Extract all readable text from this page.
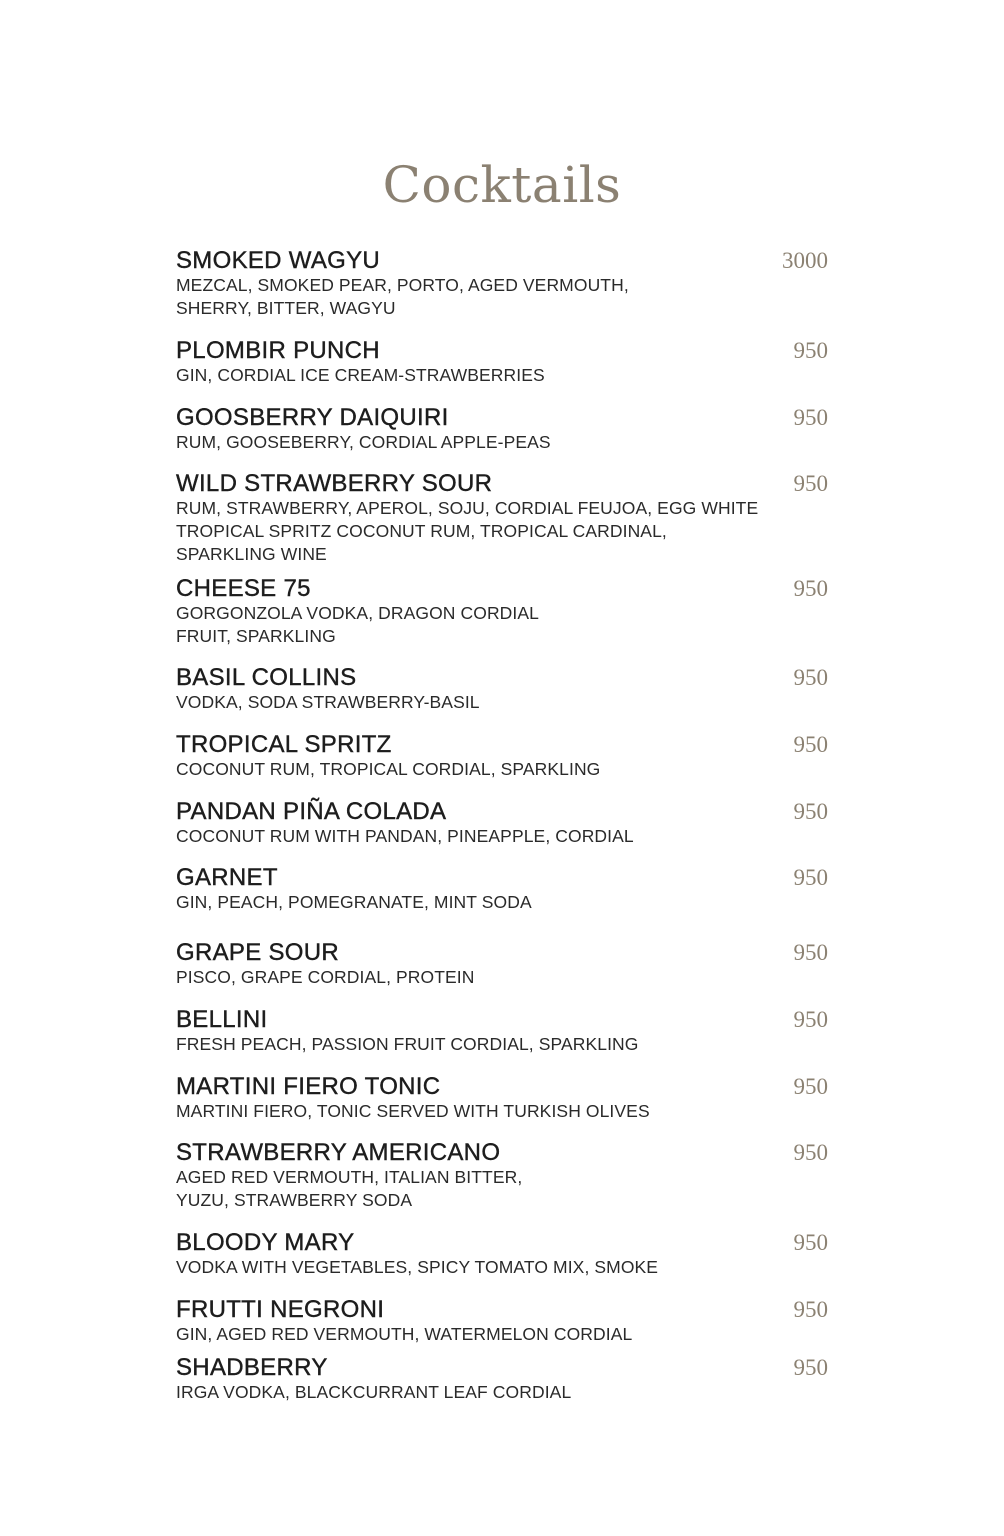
Cocktails
SMOKED WAGYU
MEZCAL, SMOKED PEAR, PORTO, AGED VERMOUTH,
SHERRY, BITTER, WAGYU
3000
PLOMBIR PUNCH
GIN, CORDIAL ICE CREAM-STRAWBERRIES
950
GOOSBERRY DAIQUIRI
RUM, GOOSEBERRY, CORDIAL APPLE-PEAS
950
WILD STRAWBERRY SOUR
RUM, STRAWBERRY, APEROL, SOJU, CORDIAL FEUJOA, EGG WHITE
TROPICAL SPRITZ COCONUT RUM, TROPICAL CARDINAL,
SPARKLING WINE
950
CHEESE 75
GORGONZOLA VODKA, DRAGON CORDIAL
FRUIT, SPARKLING
950
BASIL COLLINS
VODKA, SODA STRAWBERRY-BASIL
950
TROPICAL SPRITZ
COCONUT RUM, TROPICAL CORDIAL, SPARKLING
950
PANDAN PIÑA COLADA
COCONUT RUM WITH PANDAN, PINEAPPLE, CORDIAL
950
GARNET
GIN, PEACH, POMEGRANATE, MINT SODA
950
GRAPE SOUR
PISCO, GRAPE CORDIAL, PROTEIN
950
BELLINI
FRESH PEACH, PASSION FRUIT CORDIAL, SPARKLING
950
MARTINI FIERO TONIC
MARTINI FIERO, TONIC SERVED WITH TURKISH OLIVES
950
STRAWBERRY AMERICANO
AGED RED VERMOUTH, ITALIAN BITTER,
YUZU, STRAWBERRY SODA
950
BLOODY MARY
VODKA WITH VEGETABLES, SPICY TOMATO MIX, SMOKE
950
FRUTTI NEGRONI
GIN, AGED RED VERMOUTH, WATERMELON CORDIAL
950
SHADBERRY
IRGA VODKA, BLACKCURRANT LEAF CORDIAL
950
